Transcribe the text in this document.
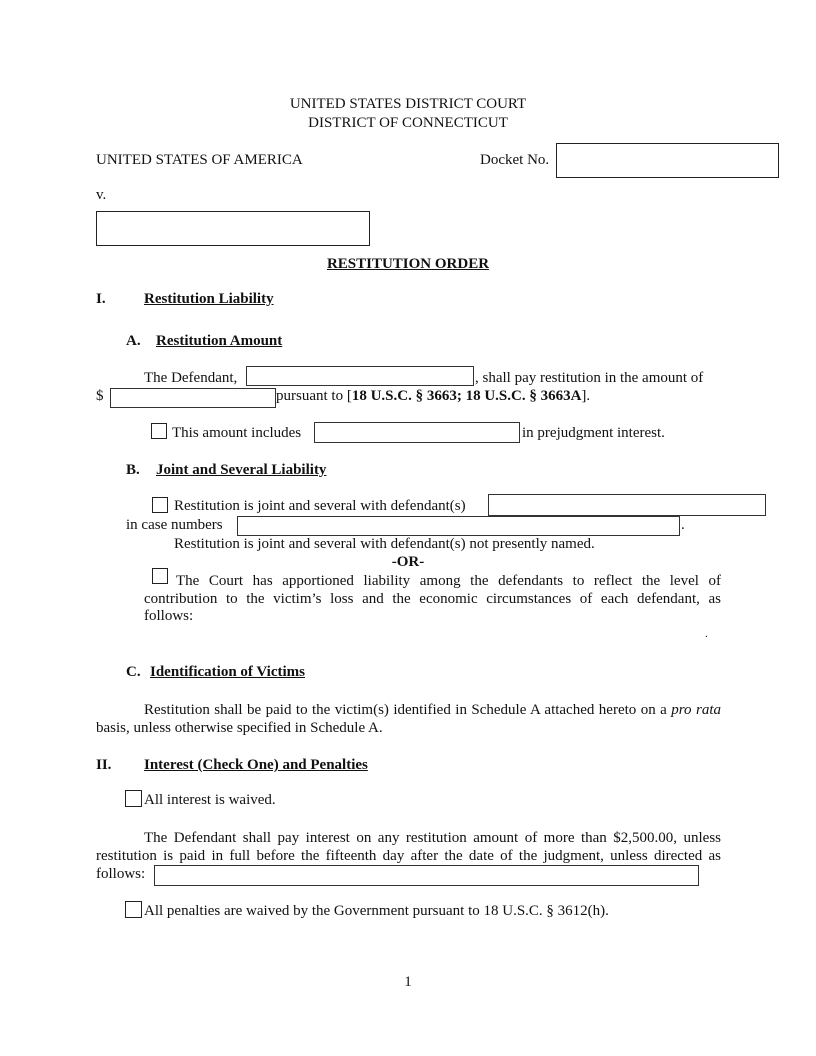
UNITED STATES DISTRICT COURT
DISTRICT OF CONNECTICUT
UNITED STATES OF AMERICA	Docket No.
v.
RESTITUTION ORDER
I.	Restitution Liability
A. Restitution Amount
The Defendant,	, shall pay restitution in the amount of
$	pursuant to [18 U.S.C. § 3663; 18 U.S.C. § 3663A].
This amount includes	in prejudgment interest.
B. Joint and Several Liability
Restitution is joint and several with defendant(s)
in case numbers	.
Restitution is joint and several with defendant(s) not presently named.
-OR-
The Court has apportioned liability among the defendants to reflect the level of
contribution to the victim’s loss and the economic circumstances of each defendant, as
follows:
.
C. Identification of Victims
Restitution shall be paid to the victim(s) identified in Schedule A attached hereto on a pro rata basis, unless otherwise specified in Schedule A.
II. Interest (Check One) and Penalties
All interest is waived.
The Defendant shall pay interest on any restitution amount of more than $2,500.00, unless
restitution is paid in full before the fifteenth day after the date of the judgment, unless directed as
follows:
All penalties are waived by the Government pursuant to 18 U.S.C. § 3612(h).
1
